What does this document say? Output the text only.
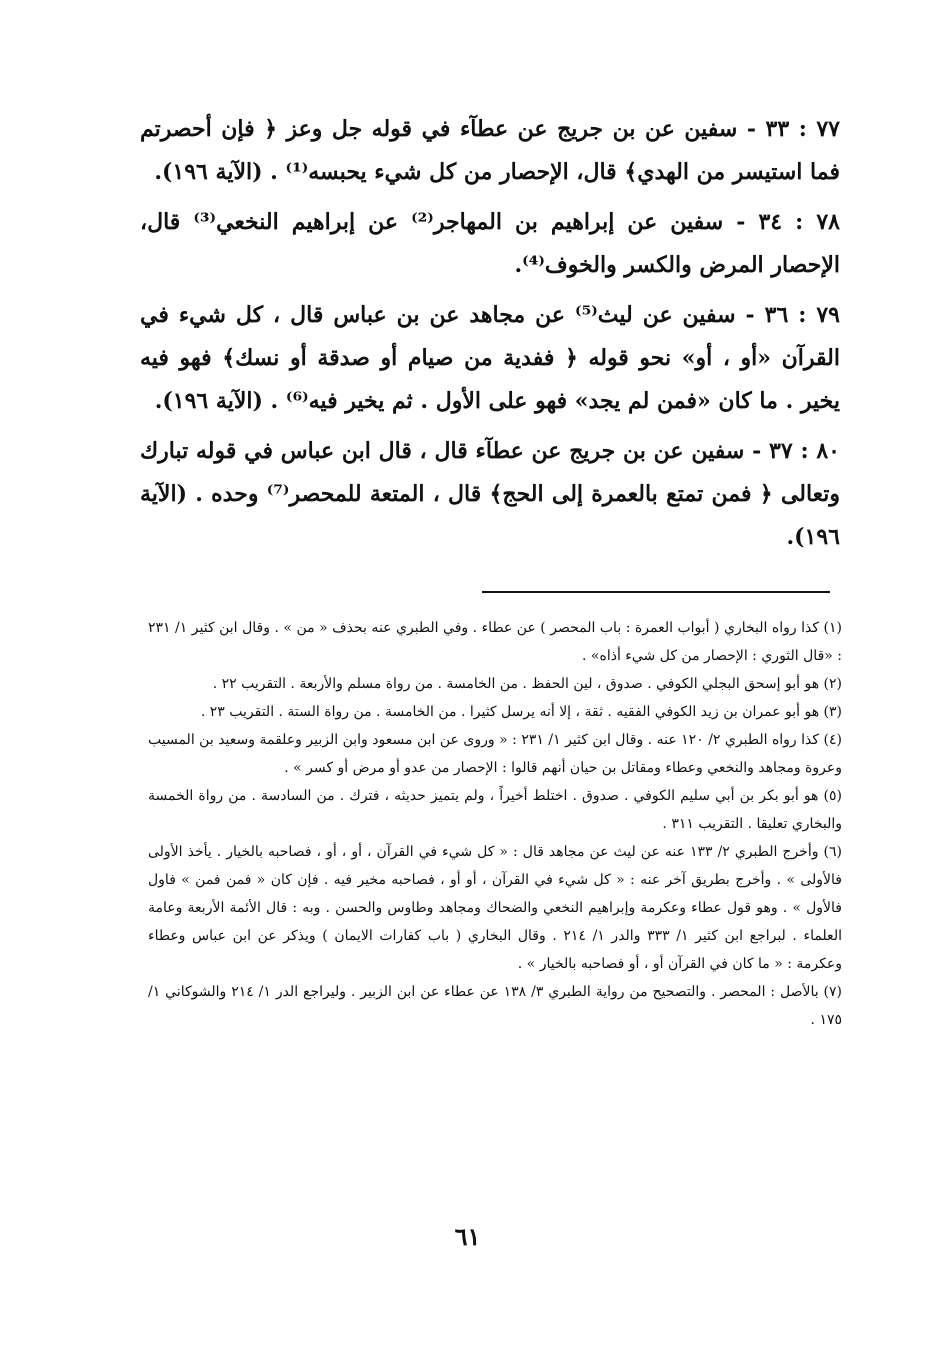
٧٧ : ٣٣ - سفين عن بن جريج عن عطآء في قوله جل وعز ﴿ فإن أحصرتم فما استيسر من الهدي﴾ قال، الإحصار من كل شيء يحبسه⁽¹⁾ . (الآية ١٩٦).

٧٨ : ٣٤ - سفين عن إبراهيم بن المهاجر⁽²⁾ عن إبراهيم النخعي⁽³⁾ قال، الإحصار المرض والكسر والخوف⁽⁴⁾.

٧٩ : ٣٦ - سفين عن ليث⁽⁵⁾ عن مجاهد عن بن عباس قال ، كل شيء في القرآن «أو ، أو» نحو قوله ﴿ ففدية من صيام أو صدقة أو نسك﴾ فهو فيه يخير . ما كان «فمن لم يجد» فهو على الأول . ثم يخير فيه⁽⁶⁾ . (الآية ١٩٦).

٨٠ : ٣٧ - سفين عن بن جريج عن عطآء قال ، قال ابن عباس في قوله تبارك وتعالى ﴿ فمن تمتع بالعمرة إلى الحج﴾ قال ، المتعة للمحصر⁽⁷⁾ وحده . (الآية ١٩٦).

(١) كذا رواه البخاري ( أبواب العمرة : باب المحصر ) عن عطاء . وفي الطبري عنه بحذف « من » . وقال ابن كثير ١/ ٢٣١ : «قال الثوري : الإحصار من كل شيء أذاه» .

(٢) هو أبو إسحق البجلي الكوفي . صدوق ، لين الحفظ . من الخامسة . من رواة مسلم والأربعة . التقريب ٢٢ .

(٣) هو أبو عمران بن زيد الكوفي الفقيه . ثقة ، إلا أنه يرسل كثيرا . من الخامسة . من رواة الستة . التقريب ٢٣ .

(٤) كذا رواه الطبري ٢/ ١٢٠ عنه . وقال ابن كثير ١/ ٢٣١ : « وروى عن ابن مسعود وابن الزبير وعلقمة وسعيد بن المسيب وعروة ومجاهد والنخعي وعطاء ومقاتل بن حيان أنهم قالوا : الإحصار من عدو أو مرض أو كسر » .

(٥) هو أبو بكر بن أبي سليم الكوفي . صدوق . اختلط أخيراً ، ولم يتميز حديثه ، فترك . من السادسة . من رواة الخمسة والبخاري تعليقا . التقريب ٣١١ .

(٦) وأخرج الطبري ٢/ ١٣٣ عنه عن ليث عن مجاهد قال : « كل شيء في القرآن ، أو ، أو ، فصاحبه بالخيار . يأخذ الأولى فالأولى » . وأخرج بطريق آخر عنه : « كل شيء في القرآن ، أو أو ، فصاحبه مخير فيه . فإن كان « فمن فمن » فاول فالأول » . وهو قول عطاء وعكرمة وإبراهيم النخعي والضحاك ومجاهد وطاوس والحسن . وبه : قال الأئمة الأربعة وعامة العلماء . لبراجع ابن كثير ١/ ٣٣٣ والدر ١/ ٢١٤ . وقال البخاري ( باب كفارات الايمان ) ويذكر عن ابن عباس وعطاء وعكرمة : « ما كان في القرآن أو ، أو فصاحبه بالخيار » .

(٧) بالأصل : المحصر . والتصحيح من رواية الطبري ٣/ ١٣٨ عن عطاء عن ابن الزبير . وليراجع الدر ١/ ٢١٤ والشوكاني ١/ ١٧٥ .

٦١
